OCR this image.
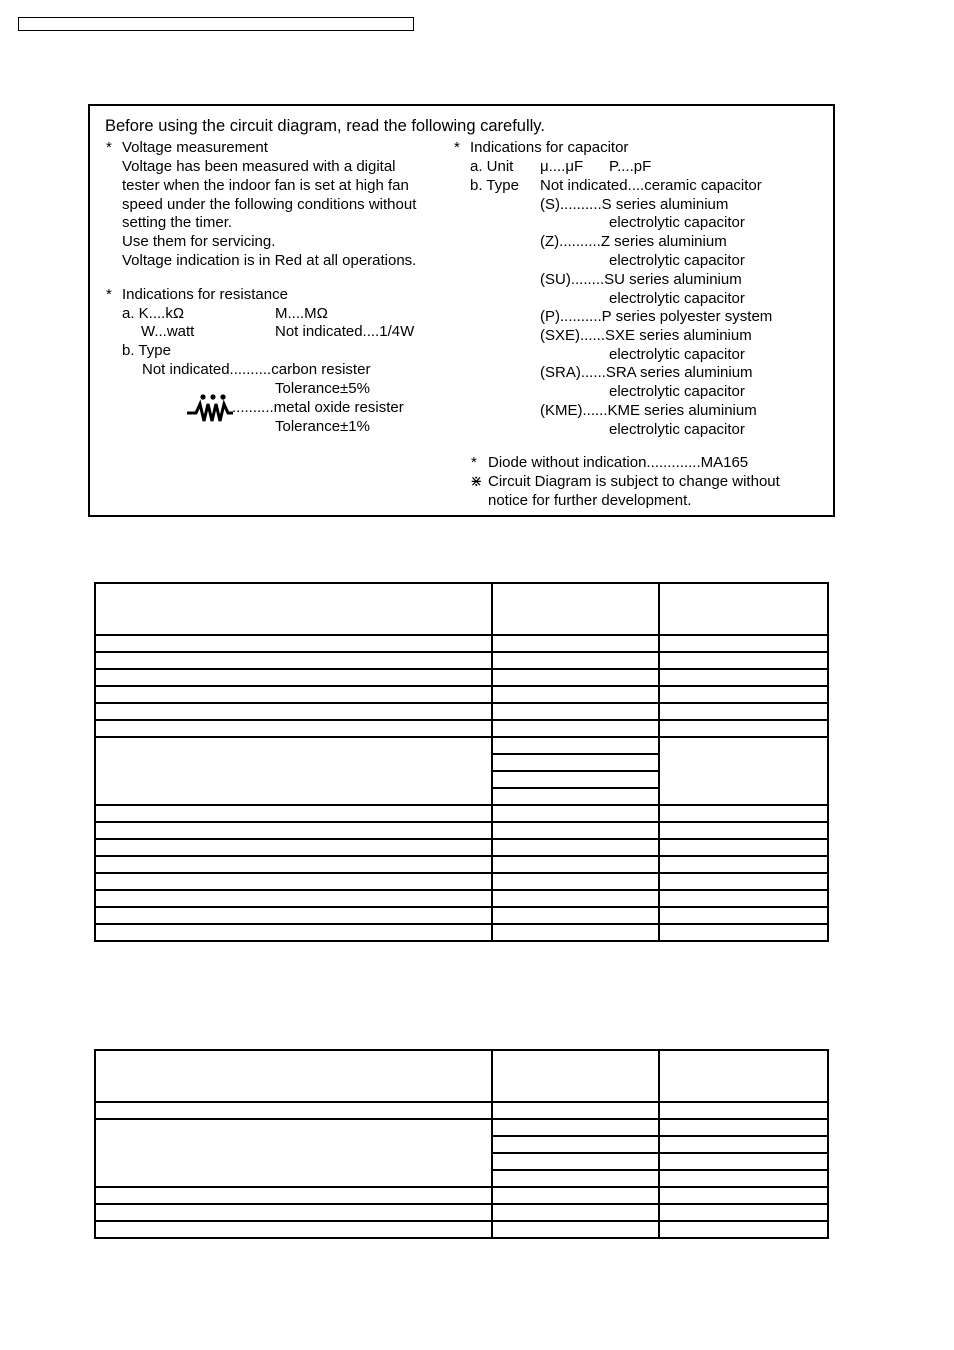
Before using the circuit diagram, read the following carefully.
* Voltage measurement
Voltage has been measured with a digital
tester when the indoor fan is set at high fan
speed under the following conditions without
setting the timer.
Use them for servicing.
Voltage indication is in Red at all operations.
* Indications for resistance
a. K....kΩ	M....MΩ
W...watt	Not indicated....1/4W
b. Type
Not indicated..........carbon resister
Tolerance±5%
..........metal oxide resister
Tolerance±1%
* Indications for capacitor
a. Unit μ....μF P....pF
b. Type Not indicated....ceramic capacitor
(S)..........S series aluminium
electrolytic capacitor
(Z)..........Z series aluminium
electrolytic capacitor
(SU)........SU series aluminium
electrolytic capacitor
(P)..........P series polyester system
(SXE)......SXE series aluminium
electrolytic capacitor
(SRA)......SRA series aluminium
electrolytic capacitor
(KME)......KME series aluminium
electrolytic capacitor
* Diode without indication.............MA165
⋇ Circuit Diagram is subject to change without
notice for further development.
